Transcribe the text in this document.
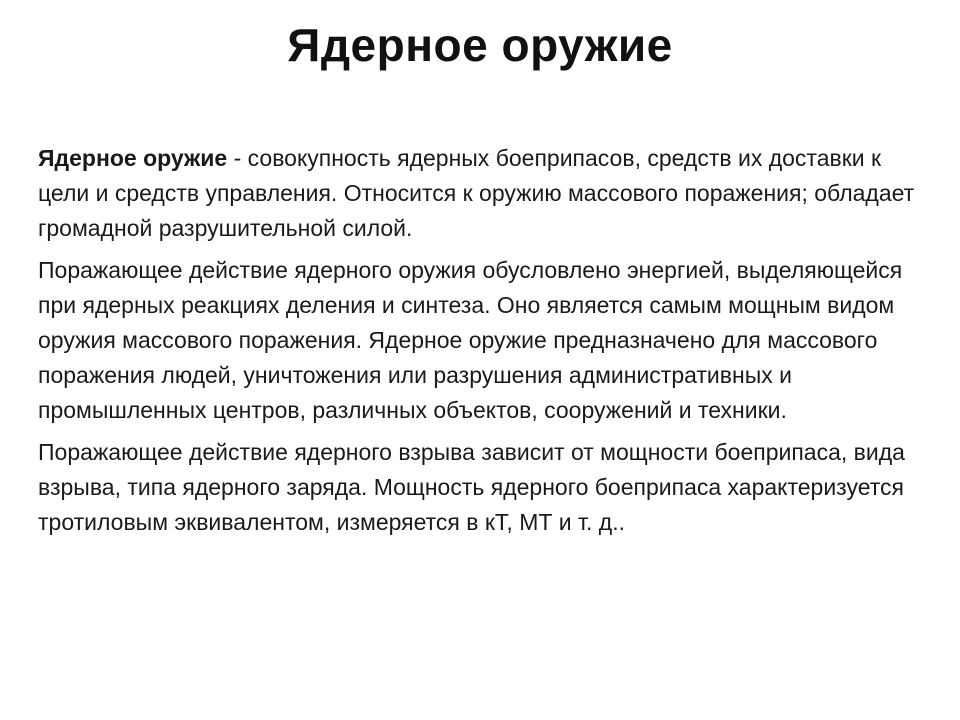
Ядерное оружие

Ядерное оружие - совокупность ядерных боеприпасов, средств их доставки к цели и средств управления. Относится к оружию массового поражения; обладает громадной разрушительной силой.

Поражающее действие ядерного оружия обусловлено энергией, выделяющейся при ядерных реакциях деления и синтеза. Оно является самым мощным видом оружия массового поражения. Ядерное оружие предназначено для массового поражения людей, уничтожения или разрушения административных и промышленных центров, различных объектов, сооружений и техники.

Поражающее действие ядерного взрыва зависит от мощности боеприпаса, вида взрыва, типа ядерного заряда. Мощность ядерного боеприпаса характеризуется тротиловым эквивалентом, измеряется в кТ, МТ и т. д..
